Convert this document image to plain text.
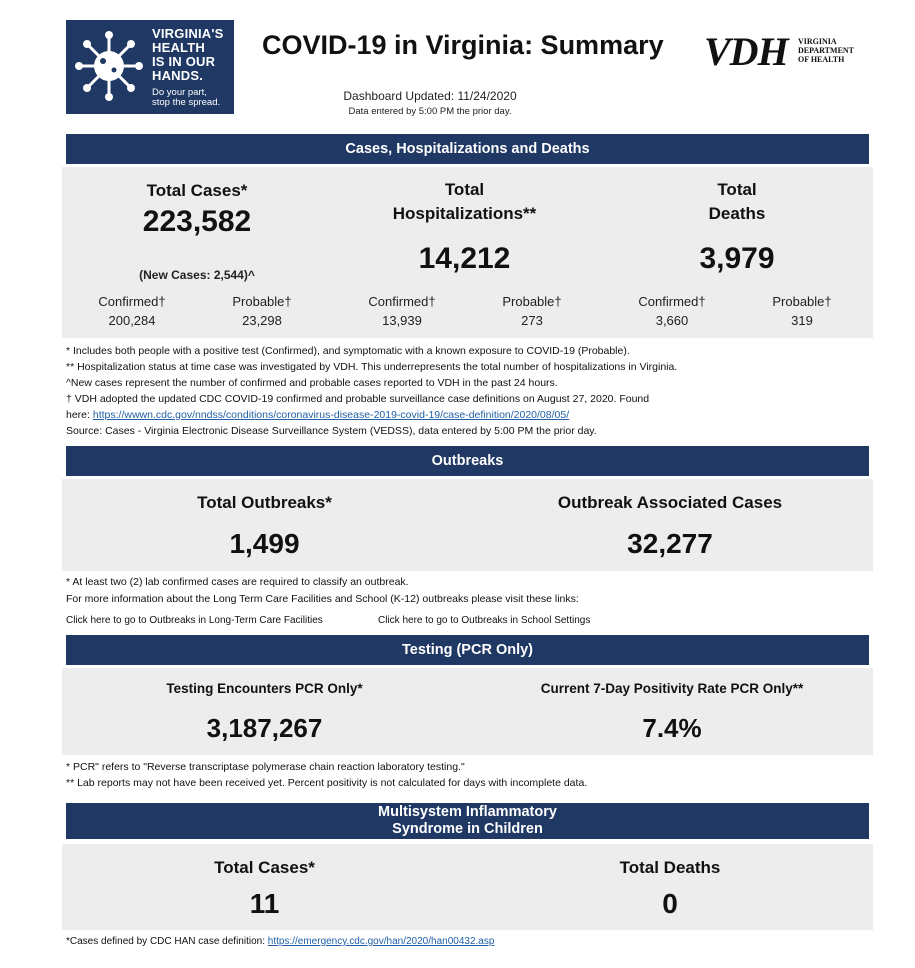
VIRGINIA'S
HEALTH
IS IN OUR
HANDS.
Do your part,
stop the spread.
COVID-19 in Virginia: Summary
Dashboard Updated: 11/24/2020
Data entered by 5:00 PM the prior day.
VDH VIRGINIA
DEPARTMENT
OF HEALTH
Cases, Hospitalizations and Deaths
Total Cases*
223,582
(New Cases: 2,544)^
Confirmed†
200,284
Probable†
23,298
Total
Hospitalizations**
14,212
Confirmed†
13,939
Probable†
273
Total
Deaths
3,979
Confirmed†
3,660
Probable†
319
* Includes both people with a positive test (Confirmed), and symptomatic with a known exposure to COVID-19 (Probable).
** Hospitalization status at time case was investigated by VDH. This underrepresents the total number of hospitalizations in Virginia.
^New cases represent the number of confirmed and probable cases reported to VDH in the past 24 hours.
† VDH adopted the updated CDC COVID-19 confirmed and probable surveillance case definitions on August 27, 2020. Found
here: https://wwwn.cdc.gov/nndss/conditions/coronavirus-disease-2019-covid-19/case-definition/2020/08/05/
Source: Cases - Virginia Electronic Disease Surveillance System (VEDSS), data entered by 5:00 PM the prior day.
Outbreaks
Total Outbreaks*
1,499
Outbreak Associated Cases
32,277
* At least two (2) lab confirmed cases are required to classify an outbreak.
For more information about the Long Term Care Facilities and School (K-12) outbreaks please visit these links:
Click here to go to Outbreaks in Long-Term Care Facilities	Click here to go to Outbreaks in School Settings
Testing (PCR Only)
Testing Encounters PCR Only*
3,187,267
Current 7-Day Positivity Rate PCR Only**
7.4%
* PCR" refers to "Reverse transcriptase polymerase chain reaction laboratory testing."
** Lab reports may not have been received yet. Percent positivity is not calculated for days with incomplete data.
Multisystem Inflammatory
Syndrome in Children
Total Cases*
11
Total Deaths
0
*Cases defined by CDC HAN case definition: https://emergency.cdc.gov/han/2020/han00432.asp
